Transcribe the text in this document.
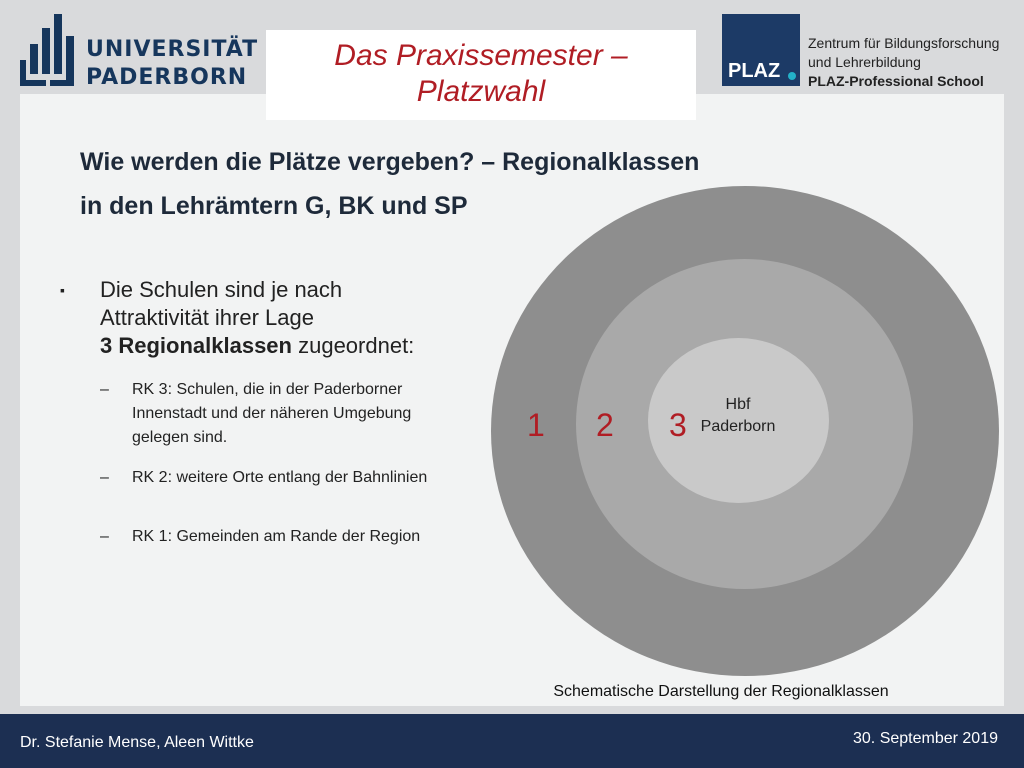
UNIVERSITÄT
PADERBORN
Das Praxissemester –
Platzwahl
PLAZ
Zentrum für Bildungsforschung
und Lehrerbildung
PLAZ-Professional School
Wie werden die Plätze vergeben? – Regionalklassen
in den Lehrämtern G, BK und SP
▪ Die Schulen sind je nach
Attraktivität ihrer Lage
3 Regionalklassen zugeordnet:
– RK 3: Schulen, die in der Paderborner Innenstadt und der näheren Umgebung gelegen sind.
– RK 2: weitere Orte entlang der Bahnlinien
– RK 1: Gemeinden am Rande der Region
1 2 3
Hbf
Paderborn
Schematische Darstellung der Regionalklassen
Dr. Stefanie Mense, Aleen Wittke	30. September 2019
